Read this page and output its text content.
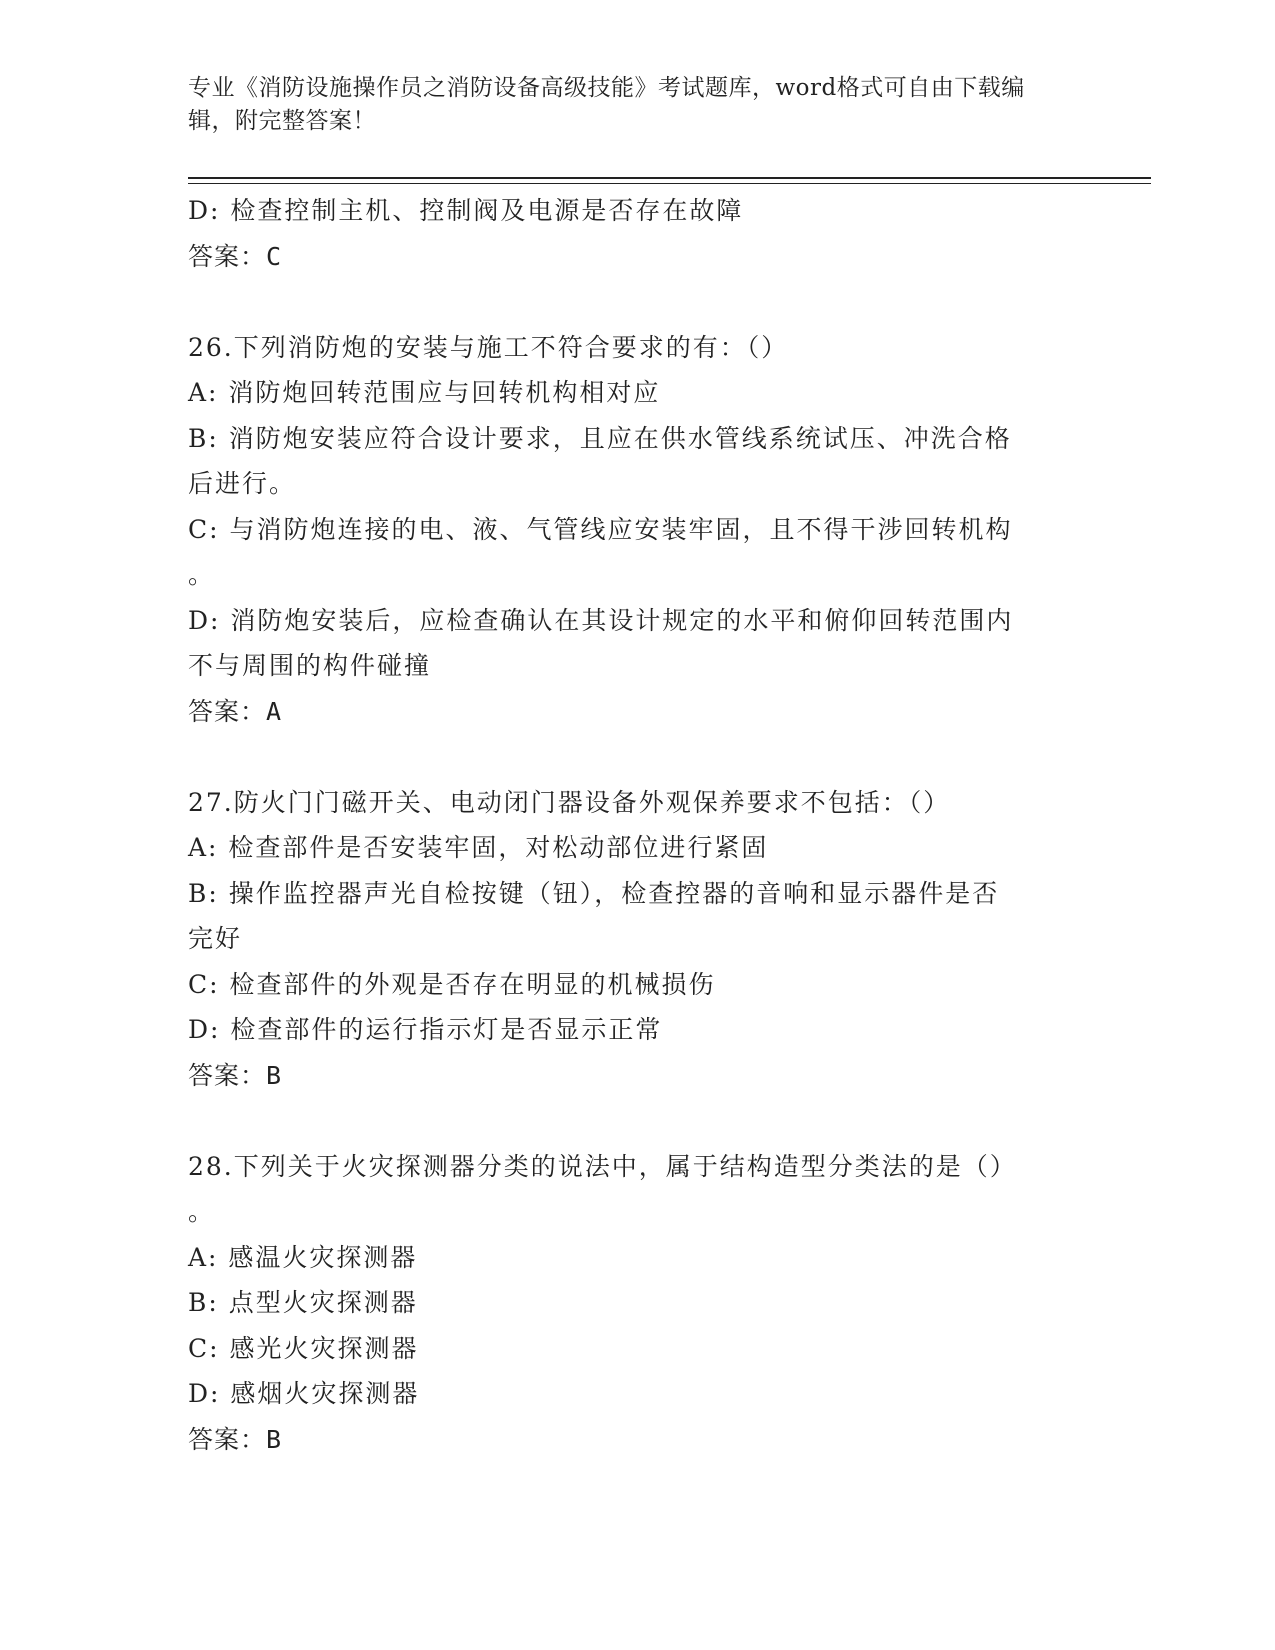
专业《消防设施操作员之消防设备高级技能》考试题库，word格式可自由下载编
辑，附完整答案！
D: 检查控制主机、控制阀及电源是否存在故障
答案：C
26.下列消防炮的安装与施工不符合要求的有：（）
A: 消防炮回转范围应与回转机构相对应
B: 消防炮安装应符合设计要求，且应在供水管线系统试压、冲洗合格
后进行。
C: 与消防炮连接的电、液、气管线应安装牢固，且不得干涉回转机构
。
D: 消防炮安装后，应检查确认在其设计规定的水平和俯仰回转范围内
不与周围的构件碰撞
答案：A
27.防火门门磁开关、电动闭门器设备外观保养要求不包括：（）
A: 检查部件是否安装牢固，对松动部位进行紧固
B: 操作监控器声光自检按键（钮），检查控器的音响和显示器件是否
完好
C: 检查部件的外观是否存在明显的机械损伤
D: 检查部件的运行指示灯是否显示正常
答案：B
28.下列关于火灾探测器分类的说法中，属于结构造型分类法的是（）
。
A: 感温火灾探测器
B: 点型火灾探测器
C: 感光火灾探测器
D: 感烟火灾探测器
答案：B
